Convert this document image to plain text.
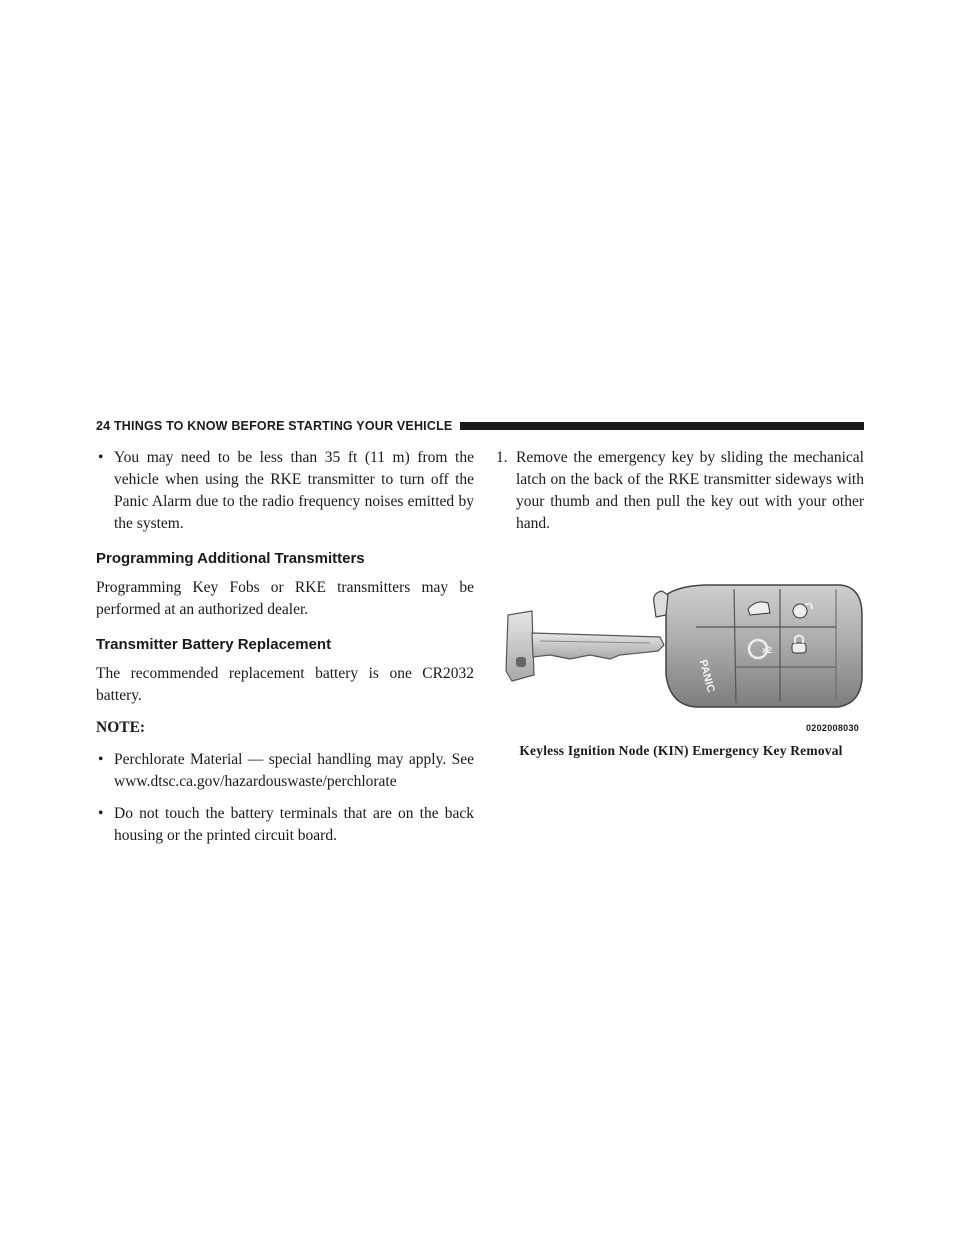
24 THINGS TO KNOW BEFORE STARTING YOUR VEHICLE
• You may need to be less than 35 ft (11 m) from the vehicle when using the RKE transmitter to turn off the Panic Alarm due to the radio frequency noises emitted by the system.
Programming Additional Transmitters

Programming Key Fobs or RKE transmitters may be performed at an authorized dealer.

Transmitter Battery Replacement

The recommended replacement battery is one CR2032 battery.

NOTE:

• Perchlorate Material — special handling may apply. See www.dtsc.ca.gov/hazardouswaste/perchlorate
• Do not touch the battery terminals that are on the back housing or the printed circuit board.
1. Remove the emergency key by sliding the mechanical latch on the back of the RKE transmitter sideways with your thumb and then pull the key out with your other hand.
x2
PANIC
0202008030
Keyless Ignition Node (KIN) Emergency Key Removal
